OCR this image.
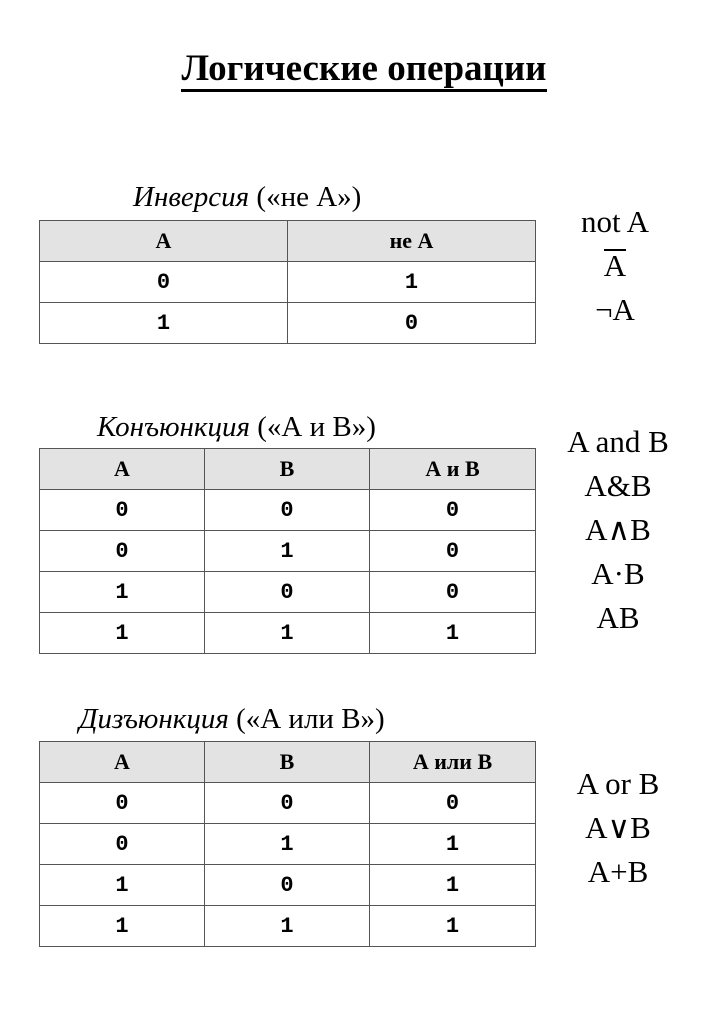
Логические операции
Инверсия («не А»)
А	не А
0	1
1	0
not A
A
¬A
Конъюнкция («А и В»)
А	В	А и В
0	0	0
0	1	0
1	0	0
1	1	1
A and B
A&B
A∧B
A·B
AB
Дизъюнкция («А или В»)
А	В	А или В
0	0	0
0	1	1
1	0	1
1	1	1
A or B
A∨B
A+B
